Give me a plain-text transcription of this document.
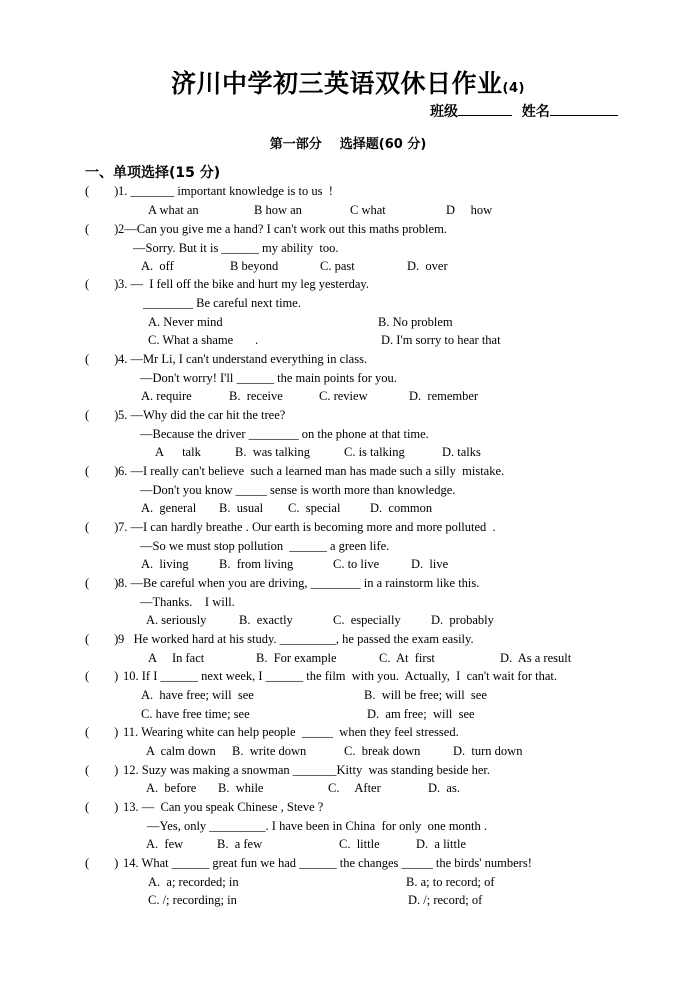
济川中学初三英语双休日作业(4)
班级	姓名
第一部分    选择题(60 分)
一、单项选择(15 分)
(        ) 1. _______ important knowledge is to us  !
A what an	B how an	C what	D     how
(        ) 2—Can you give me a hand? I can't work out this maths problem.
—Sorry. But it is ______ my ability  too.
A.  off	B beyond	C. past	D.  over
(        ) 3. —  I fell off the bike and hurt my leg yesterday.
________ Be careful next time.
A. Never mind	B. No problem
C. What a shame       .	D. I'm sorry to hear that
(        ) 4. —Mr Li, I can't understand everything in class.
—Don't worry! I'll ______ the main points for you.
A. require	B.  receive	C. review	D.  remember
(        ) 5. —Why did the car hit the tree?
—Because the driver ________ on the phone at that time.
A      talk	B.  was talking	C. is talking	D. talks
(        ) 6. —I really can't believe  such a learned man has made such a silly  mistake.
—Don't you know _____ sense is worth more than knowledge.
A.  general B.  usual C.  special D.  common
(        ) 7. —I can hardly breathe . Our earth is becoming more and more polluted  .
—So we must stop pollution  ______ a green life.
A.  living B.  from living	C. to live	D.  live
(        ) 8. —Be careful when you are driving, ________ in a rainstorm like this.
—Thanks.    I will.
A. seriously	B.  exactly	C.  especially D.  probably
(        ) 9   He worked hard at his study. _________, he passed the exam easily.
A     In fact	B.  For example	C.  At  first	D.  As a result
(        ) 10. If I ______ next week, I ______ the film  with you.  Actually,  I  can't wait for that.
A.  have free; will  see	B.  will be free; will  see
C. have free time; see	D.  am free;  will  see
(        ) 11. Wearing white can help people  _____  when they feel stressed.
A  calm down B.  write down	C.  break down	D.  turn down
(        ) 12. Suzy was making a snowman _______Kitty  was standing beside her.
A.  before B.  while	C.     After	D.  as.
(        ) 13. —  Can you speak Chinese , Steve ?
—Yes, only _________. I have been in China  for only  one month .
A.  few	B.  a few	C.  little	D.  a little
(        ) 14. What ______ great fun we had ______ the changes _____ the birds' numbers!
A.  a; recorded; in	B. a; to record; of
C. /; recording; in	D. /; record; of
